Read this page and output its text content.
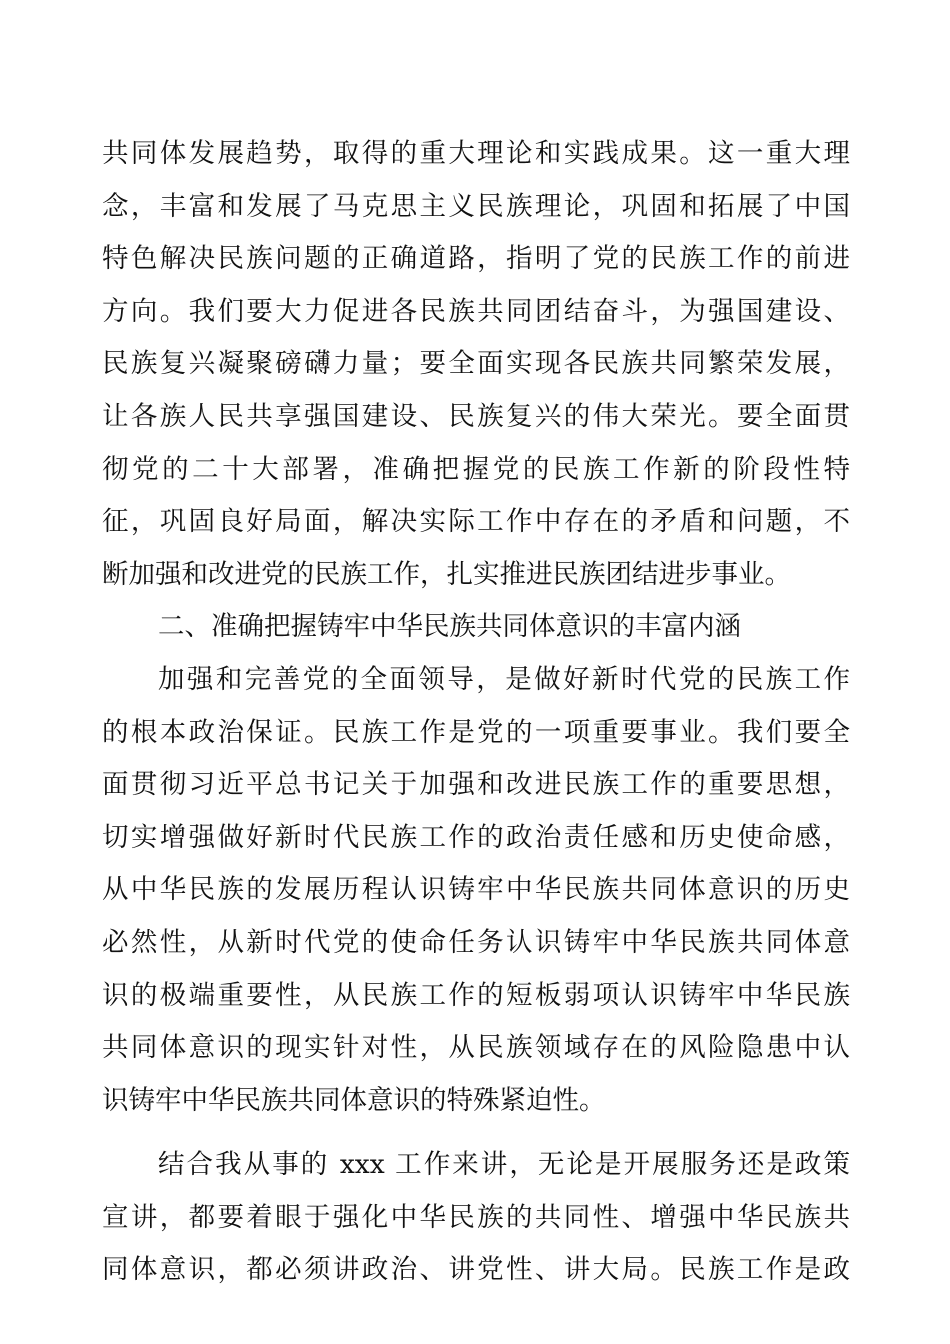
共同体发展趋势，取得的重大理论和实践成果。这一重大理
念，丰富和发展了马克思主义民族理论，巩固和拓展了中国
特色解决民族问题的正确道路，指明了党的民族工作的前进
方向。我们要大力促进各民族共同团结奋斗，为强国建设、
民族复兴凝聚磅礴力量；要全面实现各民族共同繁荣发展，
让各族人民共享强国建设、民族复兴的伟大荣光。要全面贯
彻党的二十大部署，准确把握党的民族工作新的阶段性特
征，巩固良好局面，解决实际工作中存在的矛盾和问题，不
断加强和改进党的民族工作，扎实推进民族团结进步事业。
二、准确把握铸牢中华民族共同体意识的丰富内涵
加强和完善党的全面领导，是做好新时代党的民族工作
的根本政治保证。民族工作是党的一项重要事业。我们要全
面贯彻习近平总书记关于加强和改进民族工作的重要思想，
切实增强做好新时代民族工作的政治责任感和历史使命感，
从中华民族的发展历程认识铸牢中华民族共同体意识的历史
必然性，从新时代党的使命任务认识铸牢中华民族共同体意
识的极端重要性，从民族工作的短板弱项认识铸牢中华民族
共同体意识的现实针对性，从民族领域存在的风险隐患中认
识铸牢中华民族共同体意识的特殊紧迫性。
结合我从事的 xxx 工作来讲，无论是开展服务还是政策
宣讲，都要着眼于强化中华民族的共同性、增强中华民族共
同体意识，都必须讲政治、讲党性、讲大局。民族工作是政
